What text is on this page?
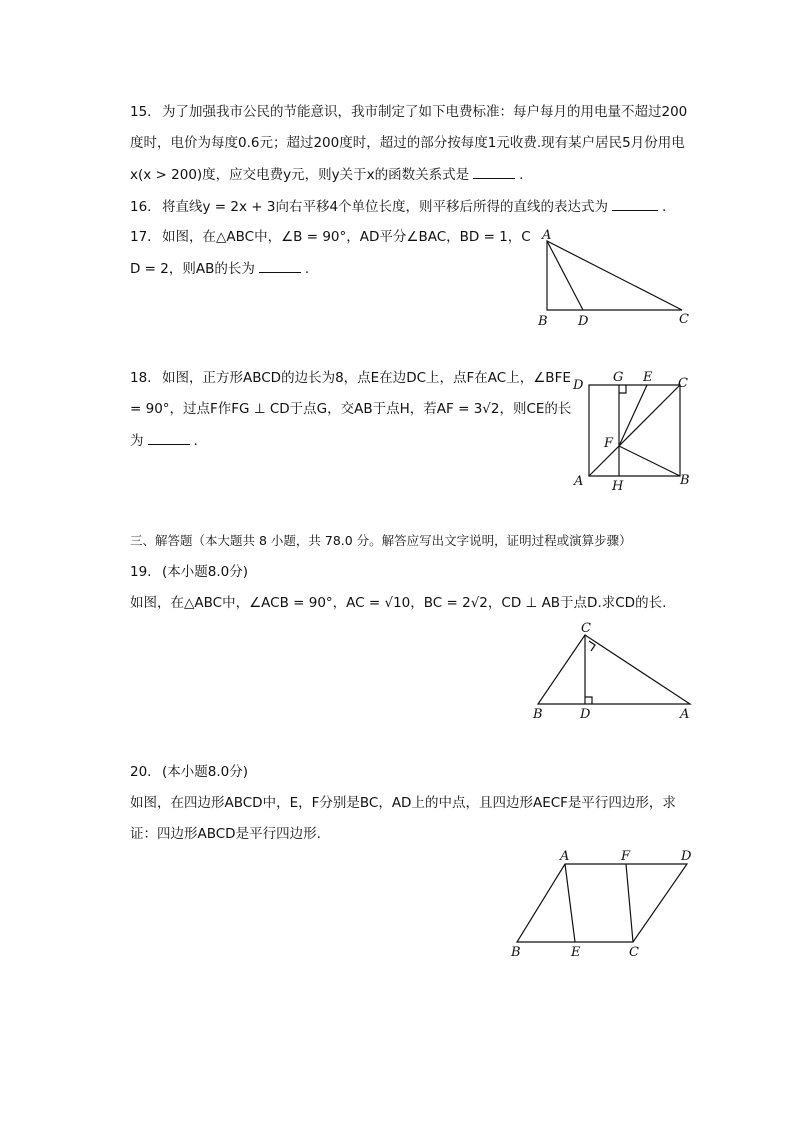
15. 为了加强我市公民的节能意识，我市制定了如下电费标准：每户每月的用电量不超过200
度时，电价为每度0.6元；超过200度时，超过的部分按每度1元收费.现有某户居民5月份用电
x(x > 200)度，应交电费y元，则y关于x的函数关系式是	.
16. 将直线y = 2x + 3向右平移4个单位长度，则平移后所得的直线的表达式为	.
17. 如图，在△ABC中，∠B = 90°，AD平分∠BAC，BD = 1，C
D = 2，则AB的长为	.
A
B D	C
18. 如图，正方形ABCD的边长为8，点E在边DC上，点F在AC上，∠BFE
= 90°，过点F作FG ⊥ CD于点G，交AB于点H，若AF = 3√2，则CE的长
为	.
D
G E C
F
A H	B
三、解答题（本大题共 8 小题，共 78.0 分。解答应写出文字说明，证明过程或演算步骤）
19. (本小题8.0分)
如图，在△ABC中，∠ACB = 90°，AC = √10，BC = 2√2，CD ⊥ AB于点D.求CD的长.
C
B	D	A
20. (本小题8.0分)
如图，在四边形ABCD中，E，F分别是BC，AD上的中点，且四边形AECF是平行四边形，求
证：四边形ABCD是平行四边形.
A	F	D
B	E	C
